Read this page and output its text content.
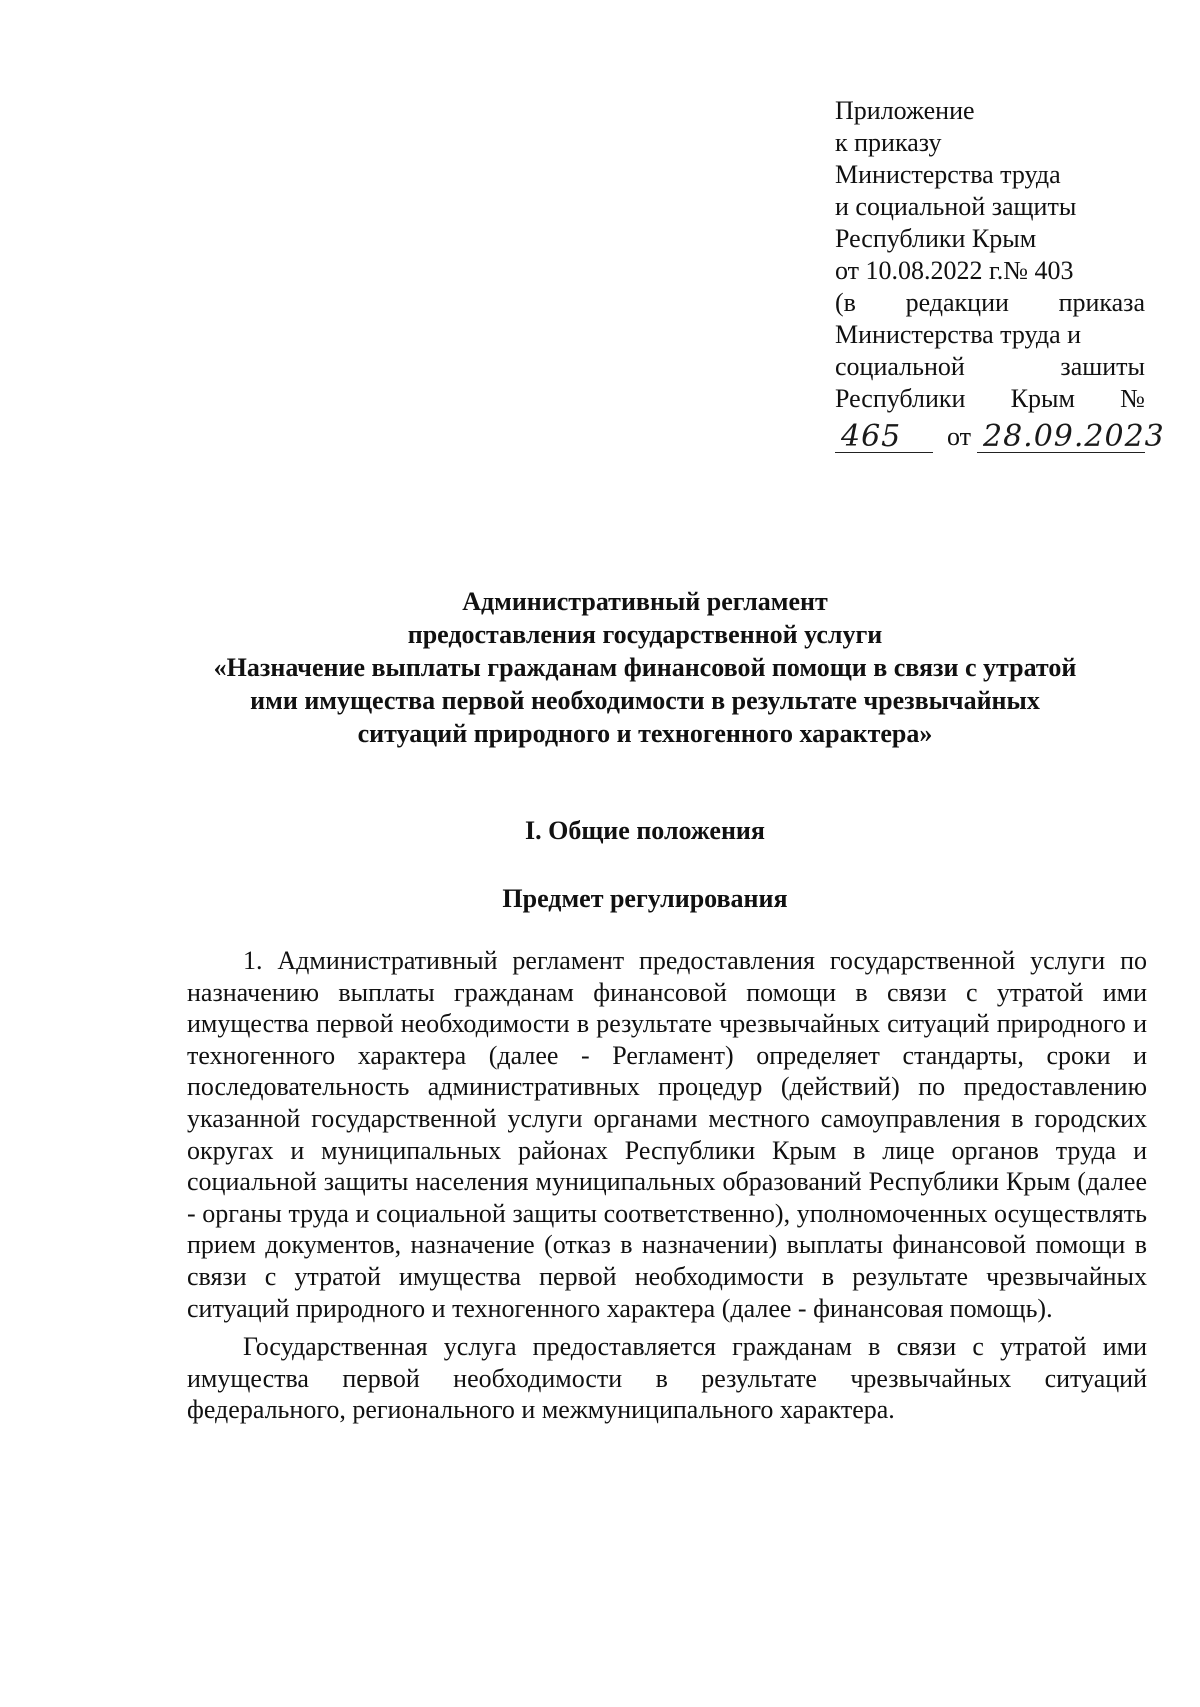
Приложение
к приказу
Министерства труда
и социальной защиты
Республики Крым
от 10.08.2022 г.№ 403
(в редакции приказа
Министерства труда и
социальной	зашиты
Республики Крым №
465	от 28.09.2023
Административный регламент
предоставления государственной услуги
«Назначение выплаты гражданам финансовой помощи в связи с утратой
ими имущества первой необходимости в результате чрезвычайных
ситуаций природного и техногенного характера»
I. Общие положения
Предмет регулирования

1. Административный регламент предоставления государственной услуги по назначению выплаты гражданам финансовой помощи в связи с утратой ими имущества первой необходимости в результате чрезвычайных ситуаций природного и техногенного характера (далее - Регламент) определяет стандарты, сроки и последовательность административных процедур (действий) по предоставлению указанной государственной услуги органами местного самоуправления в городских округах и муниципальных районах Республики Крым в лице органов труда и социальной защиты населения муниципальных образований Республики Крым (далее - органы труда и социальной защиты соответственно), уполномоченных осуществлять прием документов, назначение (отказ в назначении) выплаты финансовой помощи в связи с утратой имущества первой необходимости в результате чрезвычайных ситуаций природного и техногенного характера (далее - финансовая помощь).

Государственная услуга предоставляется гражданам в связи с утратой ими имущества первой необходимости в результате чрезвычайных ситуаций федерального, регионального и межмуниципального характера.
